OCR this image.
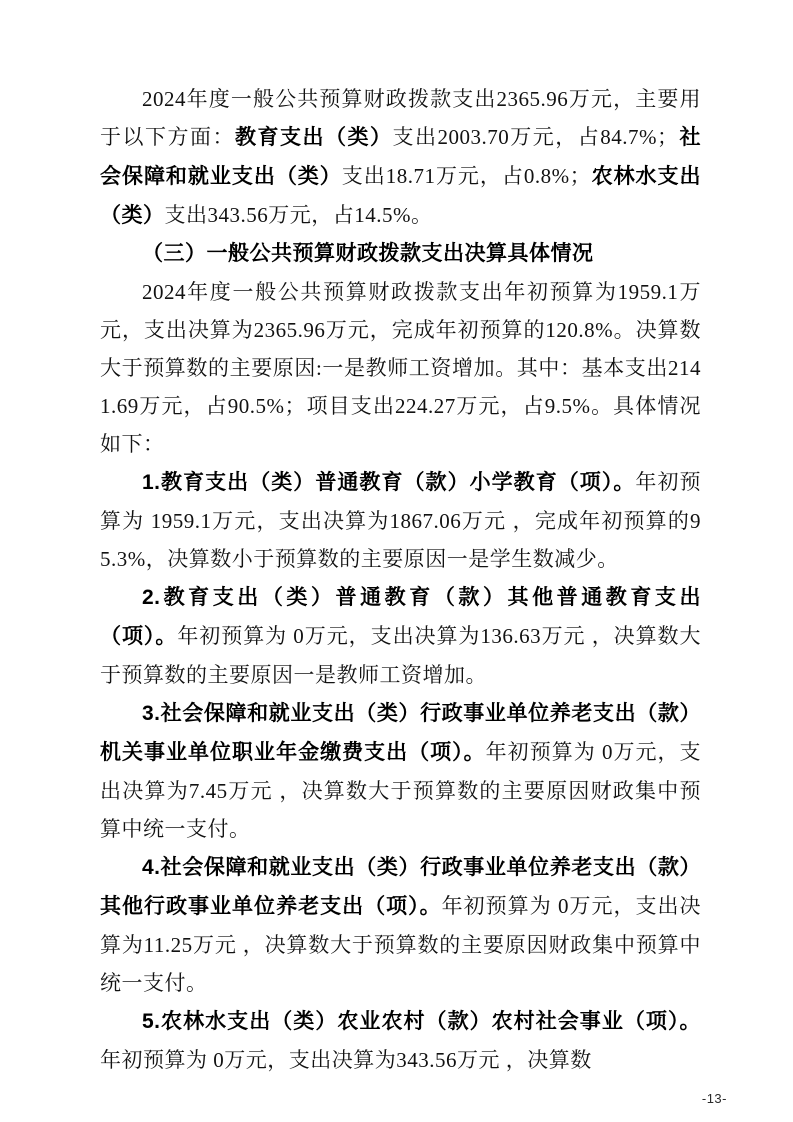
2024年度一般公共预算财政拨款支出2365.96万元，主要用于以下方面：教育支出（类）支出2003.70万元，占84.7%；社会保障和就业支出（类）支出18.71万元，占0.8%；农林水支出（类）支出343.56万元，占14.5%。

（三）一般公共预算财政拨款支出决算具体情况

2024年度一般公共预算财政拨款支出年初预算为1959.1万元，支出决算为2365.96万元，完成年初预算的120.8%。决算数大于预算数的主要原因:一是教师工资增加。其中：基本支出2141.69万元，占90.5%；项目支出224.27万元，占9.5%。具体情况如下：

1.教育支出（类）普通教育（款）小学教育（项）。年初预算为 1959.1万元，支出决算为1867.06万元 ，完成年初预算的95.3%，决算数小于预算数的主要原因一是学生数减少。

2.教育支出（类）普通教育（款）其他普通教育支出（项）。年初预算为 0万元，支出决算为136.63万元 ，决算数大于预算数的主要原因一是教师工资增加。

3.社会保障和就业支出（类）行政事业单位养老支出（款）机关事业单位职业年金缴费支出（项）。年初预算为 0万元，支出决算为7.45万元 ，决算数大于预算数的主要原因财政集中预算中统一支付。

4.社会保障和就业支出（类）行政事业单位养老支出（款）其他行政事业单位养老支出（项）。年初预算为 0万元，支出决算为11.25万元 ，决算数大于预算数的主要原因财政集中预算中统一支付。

5.农林水支出（类）农业农村（款）农村社会事业（项）。年初预算为 0万元，支出决算为343.56万元 ，决算数

-13-
